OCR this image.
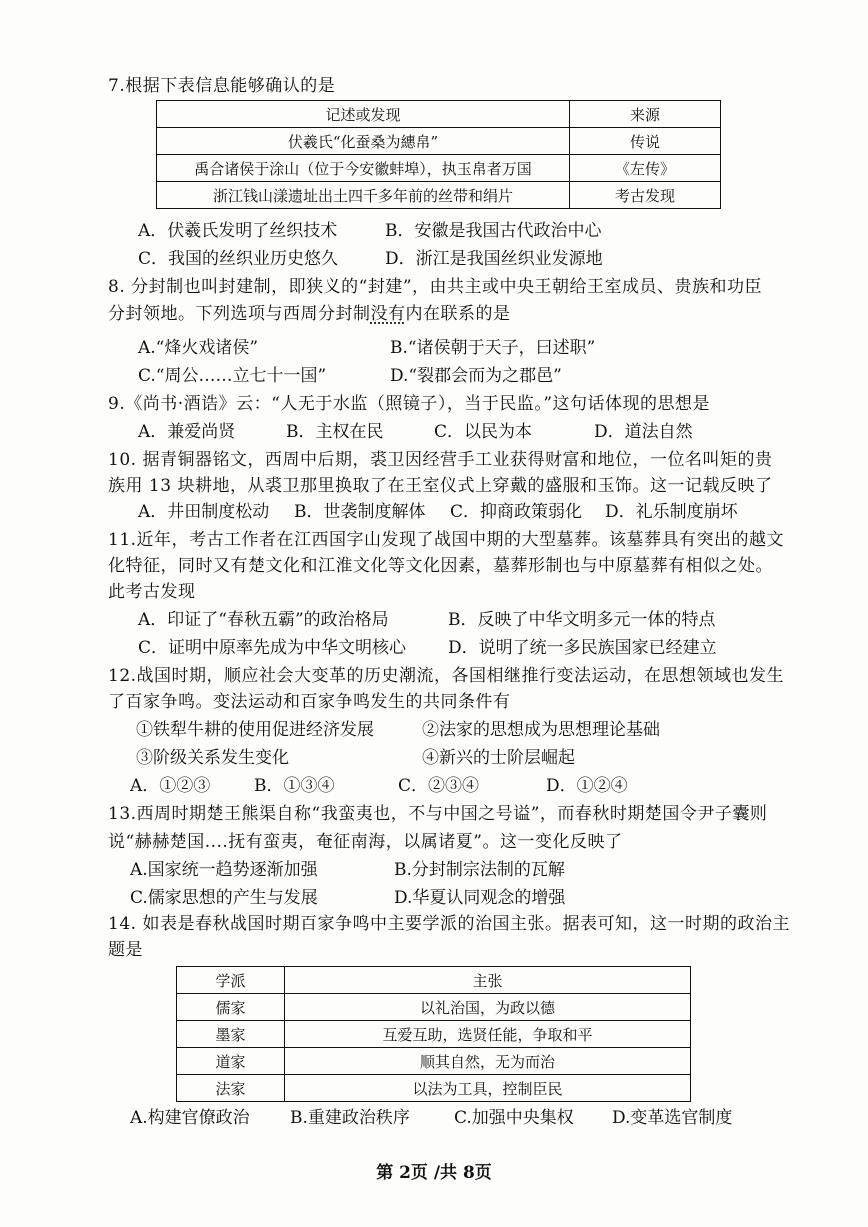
7.根据下表信息能够确认的是
记述或发现	来源
伏羲氏“化蚕桑为繐帛”	传说
禹合诸侯于涂山（位于今安徽蚌埠），执玉帛者万国	《左传》
浙江钱山漾遗址出土四千多年前的丝带和绢片	考古发现
A．伏羲氏发明了丝织技术	B．安徽是我国古代政治中心
C．我国的丝织业历史悠久	D．浙江是我国丝织业发源地
8. 分封制也叫封建制，即狭义的“封建”，由共主或中央王朝给王室成员、贵族和功臣
分封领地。下列选项与西周分封制没有内在联系的是
A.“烽火戏诸侯”	B.“诸侯朝于天子，曰述职”
C.“周公……立七十一国”	D.“裂郡会而为之郡邑”
9.《尚书·酒诰》云：“人无于水监（照镜子），当于民监。”这句话体现的思想是
A．兼爱尚贤	B．主权在民	C．以民为本	D．道法自然
10. 据青铜器铭文，西周中后期，裘卫因经营手工业获得财富和地位，一位名叫矩的贵
族用 13 块耕地，从裘卫那里换取了在王室仪式上穿戴的盛服和玉饰。这一记载反映了
A．井田制度松动 B．世袭制度解体 C．抑商政策弱化 D．礼乐制度崩坏
11.近年，考古工作者在江西国字山发现了战国中期的大型墓葬。该墓葬具有突出的越文
化特征，同时又有楚文化和江淮文化等文化因素，墓葬形制也与中原墓葬有相似之处。
此考古发现
A．印证了“春秋五霸”的政治格局	B．反映了中华文明多元一体的特点
C．证明中原率先成为中华文明核心 D．说明了统一多民族国家已经建立
12.战国时期，顺应社会大变革的历史潮流，各国相继推行变法运动，在思想领域也发生
了百家争鸣。变法运动和百家争鸣发生的共同条件有
①铁犁牛耕的使用促进经济发展	②法家的思想成为思想理论基础
③阶级关系发生变化	④新兴的士阶层崛起
A．①②③	B．①③④	C．②③④	D．①②④
13.西周时期楚王熊渠自称“我蛮夷也，不与中国之号谥”，而春秋时期楚国令尹子囊则
说“赫赫楚国....抚有蛮夷，奄征南海，以属诸夏”。这一变化反映了
A.国家统一趋势逐渐加强	B.分封制宗法制的瓦解
C.儒家思想的产生与发展	D.华夏认同观念的增强
14. 如表是春秋战国时期百家争鸣中主要学派的治国主张。据表可知，这一时期的政治主
题是
学派	主张
儒家	以礼治国，为政以德
墨家	互爱互助，选贤任能，争取和平
道家	顺其自然，无为而治
法家	以法为工具，控制臣民
A.构建官僚政治 B.重建政治秩序	C.加强中央集权 D.变革选官制度
第 2页 /共 8页
